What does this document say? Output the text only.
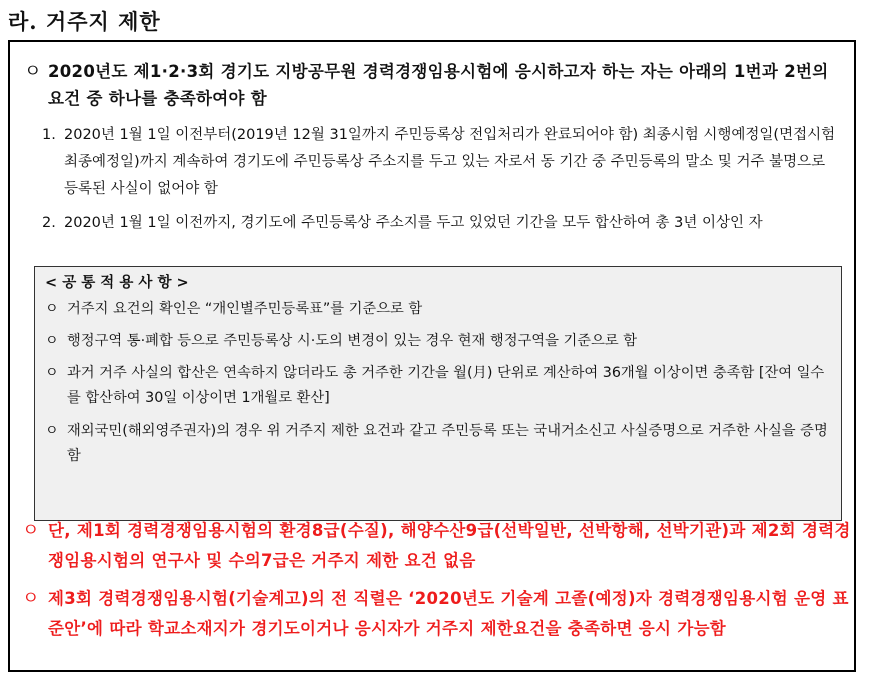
라. 거주지 제한
ㅇ 2020년도 제1·2·3회 경기도 지방공무원 경력경쟁임용시험에 응시하고자 하는 자는 아래의 1번과 2번의 요건 중 하나를 충족하여야 함
1. 2020년 1월 1일 이전부터(2019년 12월 31일까지 주민등록상 전입처리가 완료되어야 함) 최종시험 시행예정일(면접시험 최종예정일)까지 계속하여 경기도에 주민등록상 주소지를 두고 있는 자로서 동 기간 중 주민등록의 말소 및 거주 불명으로 등록된 사실이 없어야 함
2. 2020년 1월 1일 이전까지, 경기도에 주민등록상 주소지를 두고 있었던 기간을 모두 합산하여 총 3년 이상인 자
< 공 통 적 용 사 항 >
ㅇ 거주지 요건의 확인은 “개인별주민등록표”를 기준으로 함
ㅇ 행정구역 통·폐합 등으로 주민등록상 시·도의 변경이 있는 경우 현재 행정구역을 기준으로 함
ㅇ 과거 거주 사실의 합산은 연속하지 않더라도 총 거주한 기간을 월(月) 단위로 계산하여 36개월 이상이면 충족함 [잔여 일수를 합산하여 30일 이상이면 1개월로 환산]
ㅇ 재외국민(해외영주권자)의 경우 위 거주지 제한 요건과 같고 주민등록 또는 국내거소신고 사실증명으로 거주한 사실을 증명함
ㅇ 단, 제1회 경력경쟁임용시험의 환경8급(수질), 해양수산9급(선박일반, 선박항해, 선박기관)과 제2회 경력경쟁임용시험의 연구사 및 수의7급은 거주지 제한 요건 없음
ㅇ 제3회 경력경쟁임용시험(기술계고)의 전 직렬은 ‘2020년도 기술계 고졸(예정)자 경력경쟁임용시험 운영 표준안’에 따라 학교소재지가 경기도이거나 응시자가 거주지 제한요건을 충족하면 응시 가능함
